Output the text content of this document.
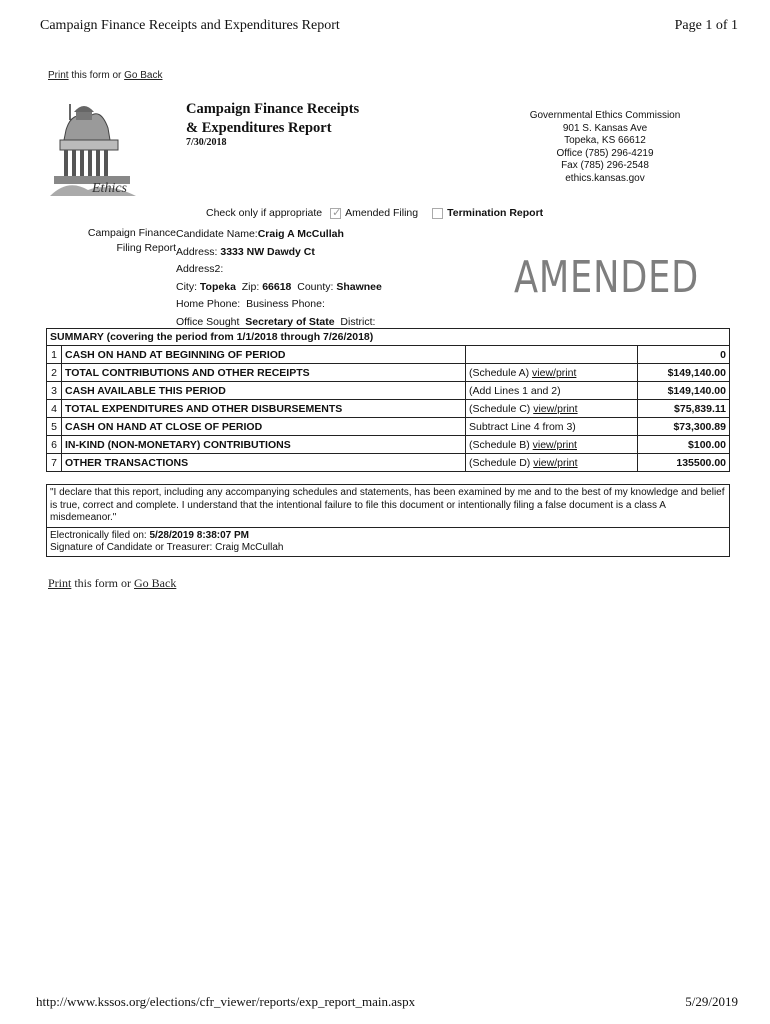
Campaign Finance Receipts and Expenditures Report	Page 1 of 1
Print this form or Go Back
Ethics
Campaign Finance Receipts
& Expenditures Report
7/30/2018
Governmental Ethics Commission
901 S. Kansas Ave
Topeka, KS 66612
Office (785) 296-4219
Fax (785) 296-2548
ethics.kansas.gov
Check only if appropriate ✓ Amended Filing	Termination Report
Campaign Finance
Filing Report
Candidate Name:Craig A McCullah
Address: 3333 NW Dawdy Ct
Address2:
City: Topeka Zip: 66618 County: Shawnee
Home Phone: Business Phone:
Office Sought Secretary of State District:
AMENDED
SUMMARY (covering the period from 1/1/2018 through 7/26/2018)			
1	CASH ON HAND AT BEGINNING OF PERIOD		0
2	TOTAL CONTRIBUTIONS AND OTHER RECEIPTS	(Schedule A) view/print	$149,140.00
3	CASH AVAILABLE THIS PERIOD	(Add Lines 1 and 2)	$149,140.00
4	TOTAL EXPENDITURES AND OTHER DISBURSEMENTS	(Schedule C) view/print	$75,839.11
5	CASH ON HAND AT CLOSE OF PERIOD	Subtract Line 4 from 3)	$73,300.89
6	IN-KIND (NON-MONETARY) CONTRIBUTIONS	(Schedule B) view/print	$100.00
7	OTHER TRANSACTIONS	(Schedule D) view/print	135500.00
"I declare that this report, including any accompanying schedules and statements, has been examined by me and to the best of my knowledge and belief is true, correct and complete. I understand that the intentional failure to file this document or intentionally filing a false document is a class A misdemeanor."
Electronically filed on: 5/28/2019 8:38:07 PM
Signature of Candidate or Treasurer: Craig McCullah
Print this form or Go Back
http://www.kssos.org/elections/cfr_viewer/reports/exp_report_main.aspx	5/29/2019
